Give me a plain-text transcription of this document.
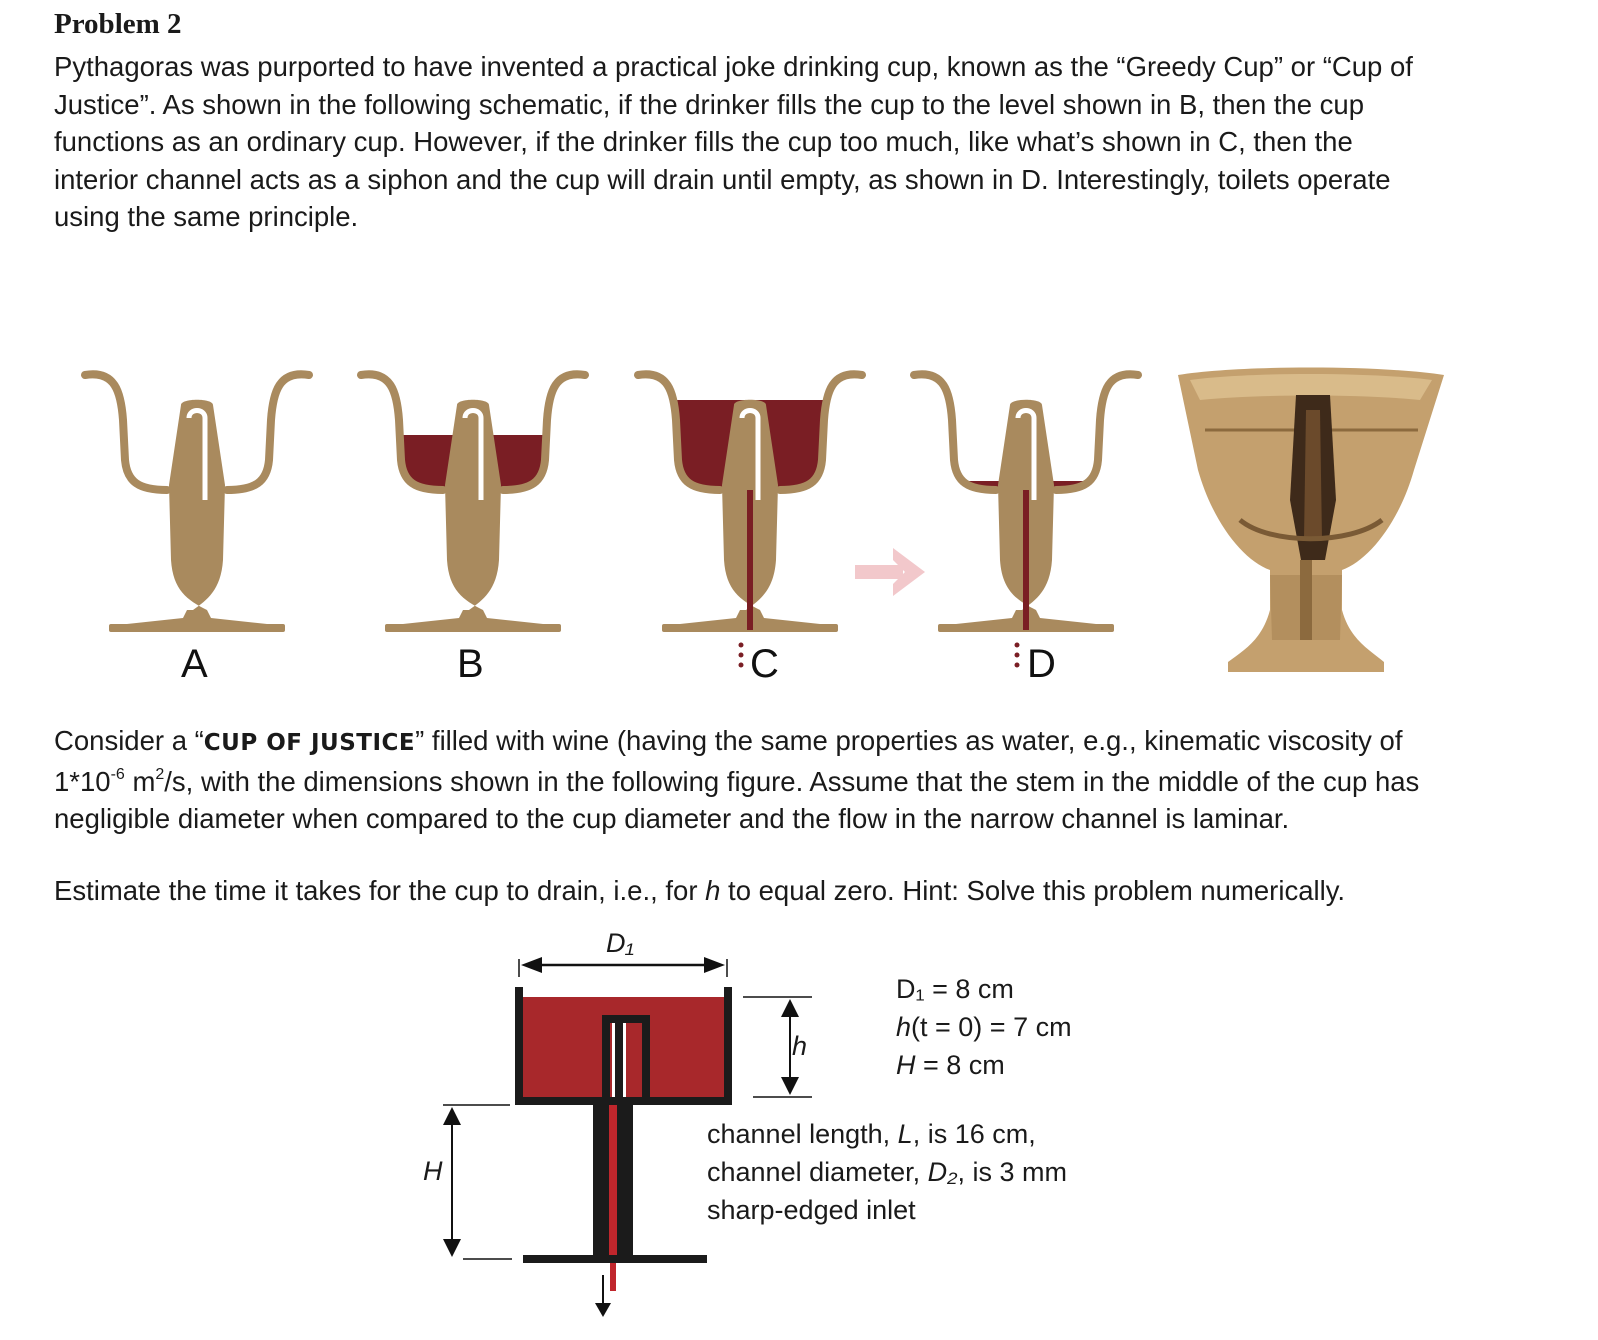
Problem 2

Pythagoras was purported to have invented a practical joke drinking cup, known as the “Greedy Cup” or “Cup of

Justice”. As shown in the following schematic, if the drinker fills the cup to the level shown in B, then the cup

functions as an ordinary cup. However, if the drinker fills the cup too much, like what’s shown in C, then the

interior channel acts as a siphon and the cup will drain until empty, as shown in D. Interestingly, toilets operate

using the same principle.

A	B	C	D

Consider a “CUP OF JUSTICE” filled with wine (having the same properties as water, e.g., kinematic viscosity of

$1*10^{-6}$ $m^2/s$, with the dimensions shown in the following figure. Assume that the stem in the middle of the cup has

negligible diameter when compared to the cup diameter and the flow in the narrow channel is laminar.

Estimate the time it takes for the cup to drain, i.e., for h to equal zero. Hint: Solve this problem numerically.

D₁
h
H
D₁ = 8 cm
h(t = 0) = 7 cm
H = 8 cm
channel length, L, is 16 cm,
channel diameter, D₂, is 3 mm
sharp-edged inlet
